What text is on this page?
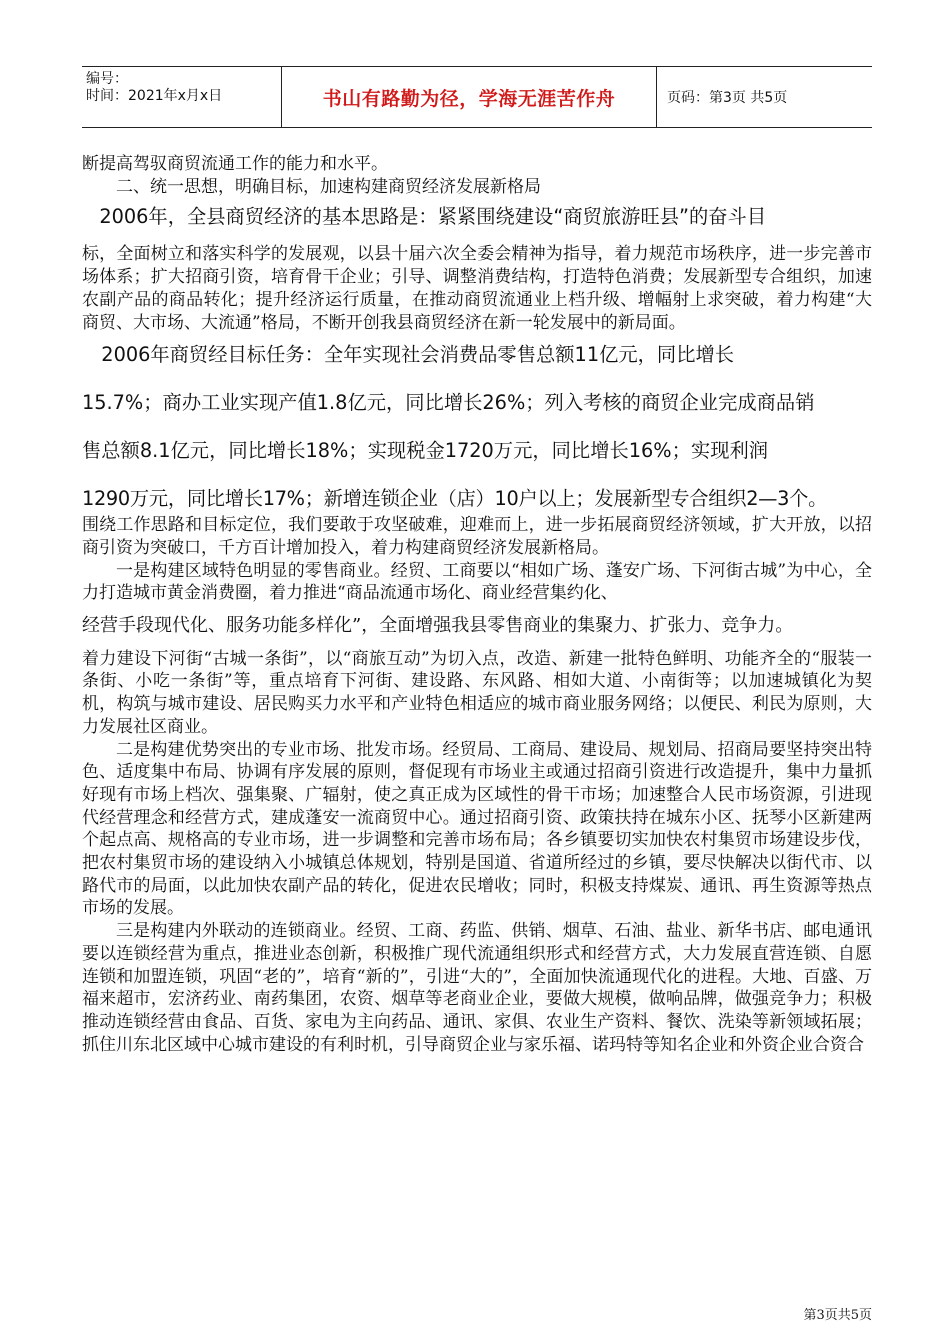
编号：
时间：2021年x月x日	书山有路勤为径，学海无涯苦作舟	页码：第3页 共5页

断提高驾驭商贸流通工作的能力和水平。

二、统一思想，明确目标，加速构建商贸经济发展新格局

2006年，全县商贸经济的基本思路是：紧紧围绕建设“商贸旅游旺县”的奋斗目

标，全面树立和落实科学的发展观，以县十届六次全委会精神为指导，着力规范市场秩序，进一步完善市场体系；扩大招商引资，培育骨干企业；引导、调整消费结构，打造特色消费；发展新型专合组织，加速农副产品的商品转化；提升经济运行质量，在推动商贸流通业上档升级、增幅射上求突破，着力构建“大商贸、大市场、大流通”格局，不断开创我县商贸经济在新一轮发展中的新局面。

2006年商贸经目标任务：全年实现社会消费品零售总额11亿元，同比增长

15.7%；商办工业实现产值1.8亿元，同比增长26%；列入考核的商贸企业完成商品销

售总额8.1亿元，同比增长18%；实现税金1720万元，同比增长16%；实现利润

1290万元，同比增长17%；新增连锁企业（店）10户以上；发展新型专合组织2—3个。

围绕工作思路和目标定位，我们要敢于攻坚破难，迎难而上，进一步拓展商贸经济领域，扩大开放，以招商引资为突破口，千方百计增加投入，着力构建商贸经济发展新格局。

一是构建区域特色明显的零售商业。经贸、工商要以“相如广场、蓬安广场、下河街古城”为中心，全力打造城市黄金消费圈，着力推进“商品流通市场化、商业经营集约化、

经营手段现代化、服务功能多样化”，全面增强我县零售商业的集聚力、扩张力、竞争力。

着力建设下河街“古城一条街”，以“商旅互动”为切入点，改造、新建一批特色鲜明、功能齐全的“服装一条街、小吃一条街”等，重点培育下河街、建设路、东风路、相如大道、小南街等；以加速城镇化为契机，构筑与城市建设、居民购买力水平和产业特色相适应的城市商业服务网络；以便民、利民为原则，大力发展社区商业。

二是构建优势突出的专业市场、批发市场。经贸局、工商局、建设局、规划局、招商局要坚持突出特色、适度集中布局、协调有序发展的原则，督促现有市场业主或通过招商引资进行改造提升，集中力量抓好现有市场上档次、强集聚、广辐射，使之真正成为区域性的骨干市场；加速整合人民市场资源，引进现代经营理念和经营方式，建成蓬安一流商贸中心。通过招商引资、政策扶持在城东小区、抚琴小区新建两个起点高、规格高的专业市场，进一步调整和完善市场布局；各乡镇要切实加快农村集贸市场建设步伐，把农村集贸市场的建设纳入小城镇总体规划，特别是国道、省道所经过的乡镇，要尽快解决以街代市、以路代市的局面，以此加快农副产品的转化，促进农民增收；同时，积极支持煤炭、通讯、再生资源等热点市场的发展。

三是构建内外联动的连锁商业。经贸、工商、药监、供销、烟草、石油、盐业、新华书店、邮电通讯要以连锁经营为重点，推进业态创新，积极推广现代流通组织形式和经营方式，大力发展直营连锁、自愿连锁和加盟连锁，巩固“老的”，培育“新的”，引进“大的”，全面加快流通现代化的进程。大地、百盛、万福来超市，宏济药业、南药集团，农资、烟草等老商业企业，要做大规模，做响品牌，做强竞争力；积极推动连锁经营由食品、百货、家电为主向药品、通讯、家俱、农业生产资料、餐饮、洗染等新领域拓展；抓住川东北区域中心城市建设的有利时机，引导商贸企业与家乐福、诺玛特等知名企业和外资企业合资合

第3页共5页
